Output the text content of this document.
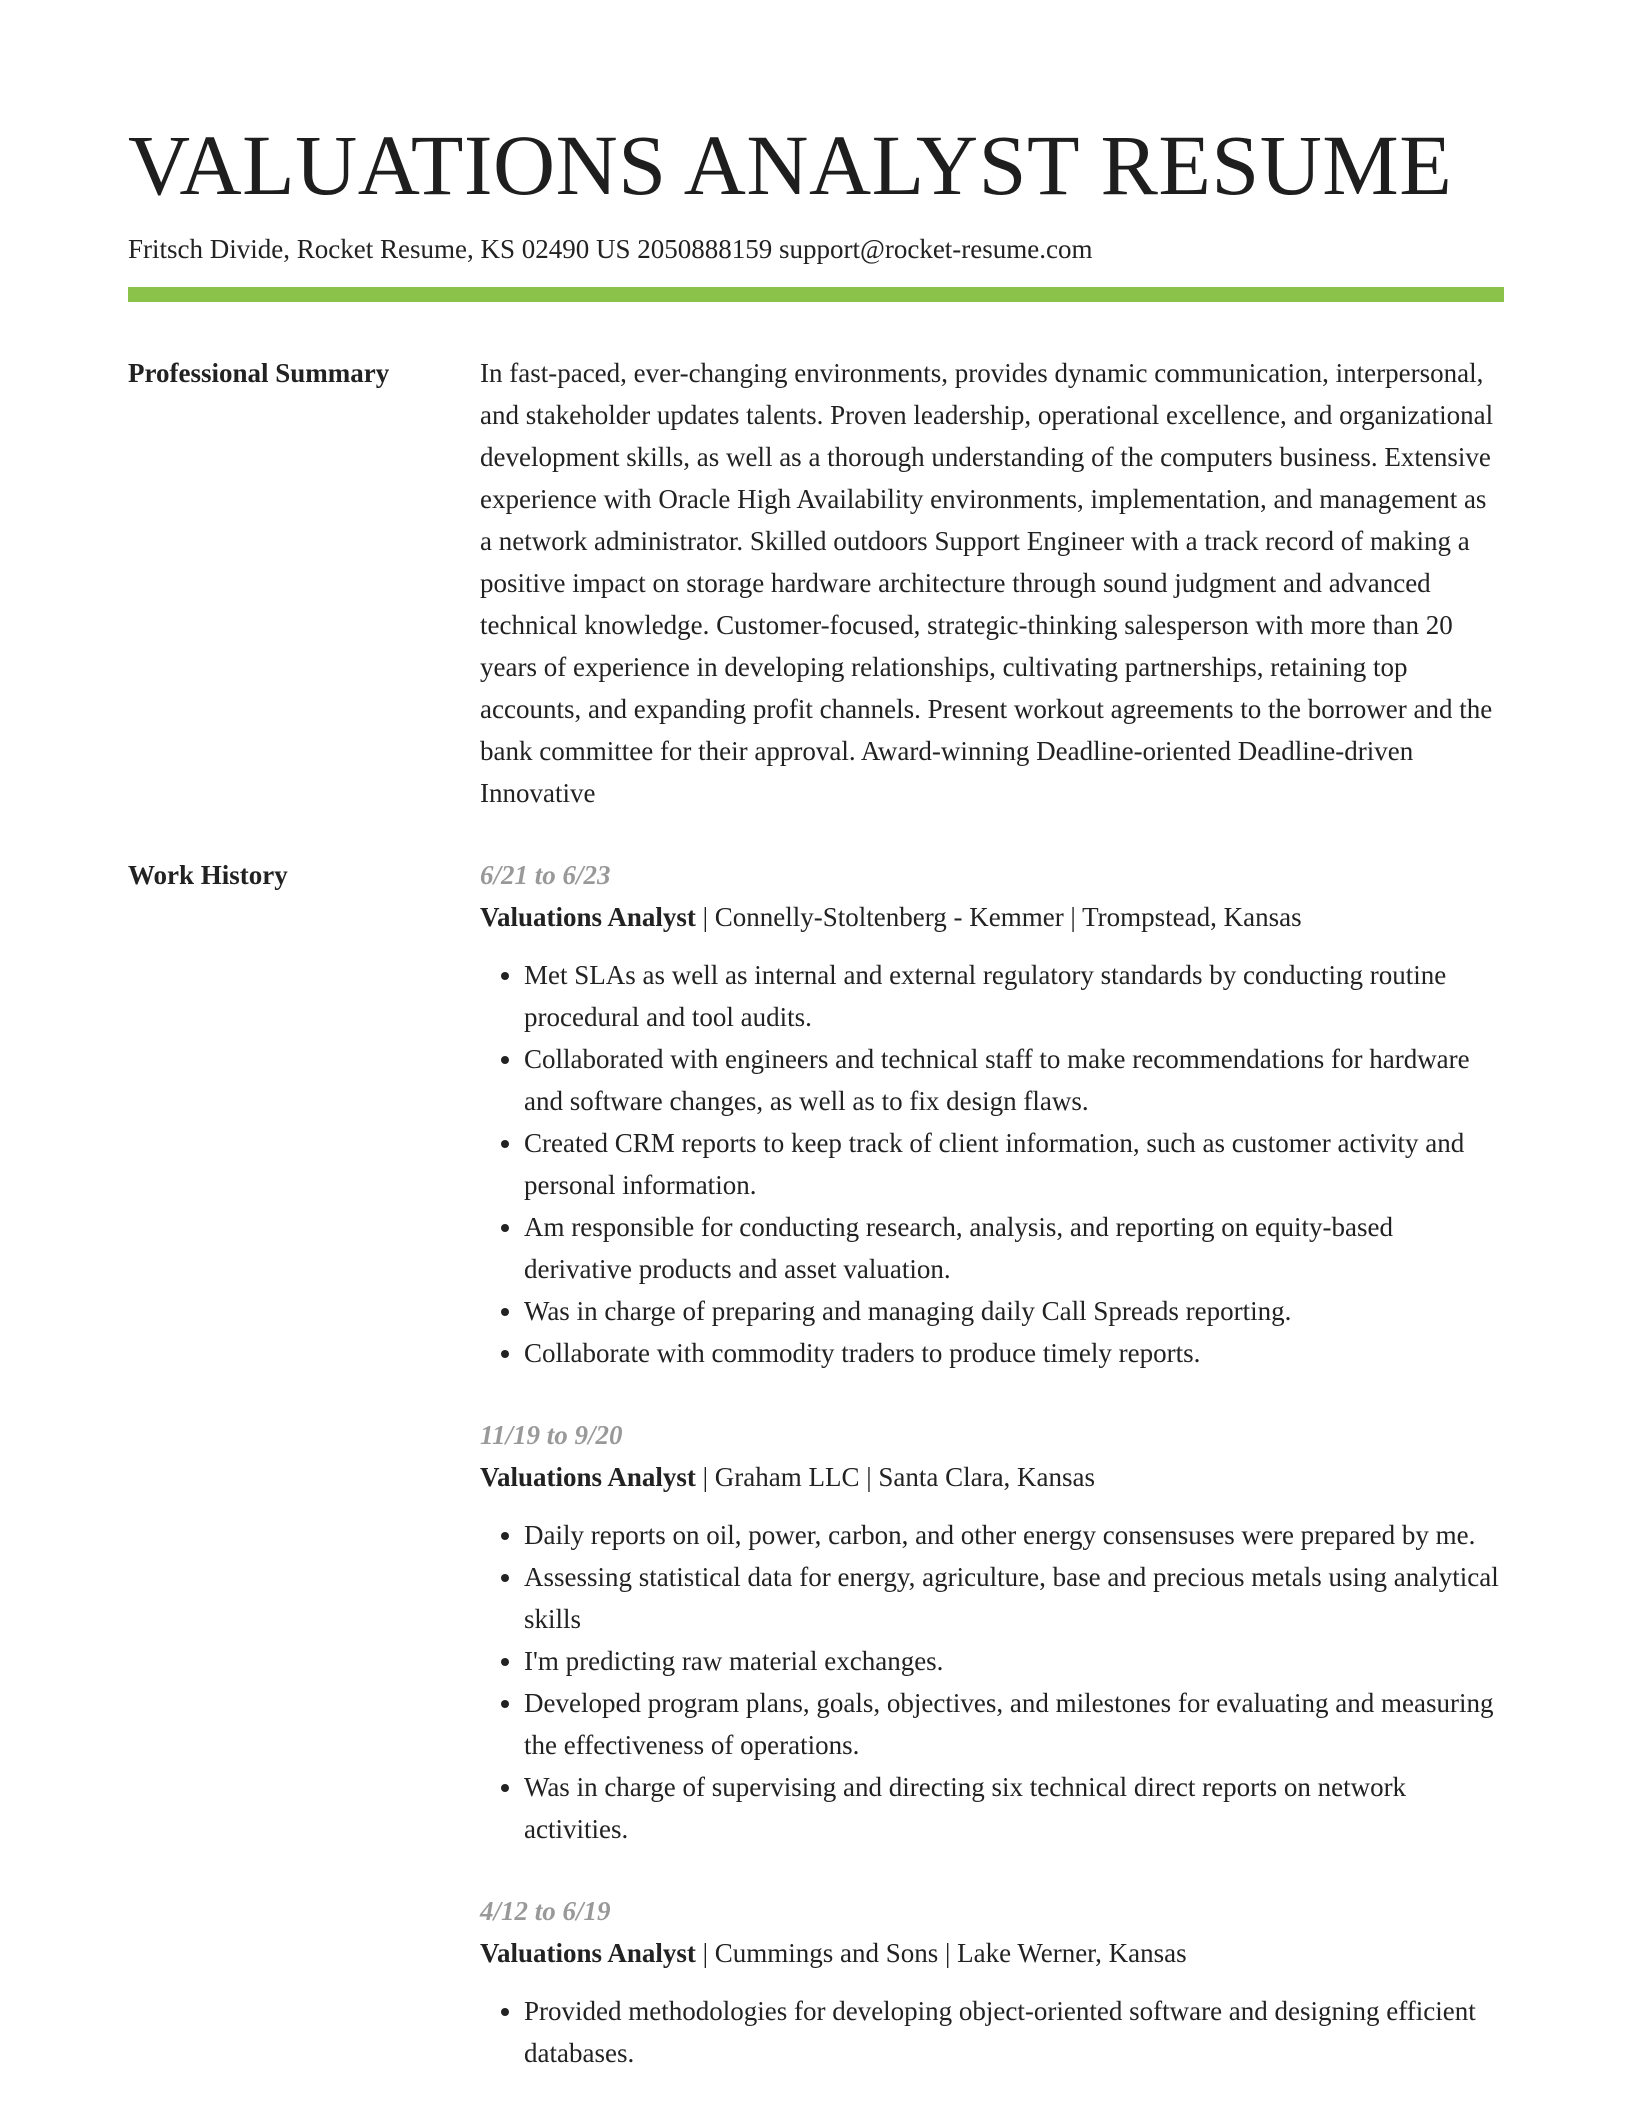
VALUATIONS ANALYST RESUME
Fritsch Divide, Rocket Resume, KS 02490 US 2050888159 support@rocket-resume.com
Professional Summary	In fast-paced, ever-changing environments, provides dynamic communication, interpersonal, and stakeholder updates talents. Proven leadership, operational excellence, and organizational development skills, as well as a thorough understanding of the computers business. Extensive experience with Oracle High Availability environments, implementation, and management as a network administrator. Skilled outdoors Support Engineer with a track record of making a positive impact on storage hardware architecture through sound judgment and advanced technical knowledge. Customer-focused, strategic-thinking salesperson with more than 20 years of experience in developing relationships, cultivating partnerships, retaining top accounts, and expanding profit channels. Present workout agreements to the borrower and the bank committee for their approval. Award-winning Deadline-oriented Deadline-driven Innovative

Work History	6/21 to 6/23

Valuations Analyst | Connelly-Stoltenberg - Kemmer | Trompstead, Kansas

• Met SLAs as well as internal and external regulatory standards by conducting routine procedural and tool audits.
• Collaborated with engineers and technical staff to make recommendations for hardware and software changes, as well as to fix design flaws.
• Created CRM reports to keep track of client information, such as customer activity and personal information.
• Am responsible for conducting research, analysis, and reporting on equity-based derivative products and asset valuation.
• Was in charge of preparing and managing daily Call Spreads reporting.
• Collaborate with commodity traders to produce timely reports.
11/19 to 9/20

Valuations Analyst | Graham LLC | Santa Clara, Kansas

• Daily reports on oil, power, carbon, and other energy consensuses were prepared by me.
• Assessing statistical data for energy, agriculture, base and precious metals using analytical skills
• I'm predicting raw material exchanges.
• Developed program plans, goals, objectives, and milestones for evaluating and measuring the effectiveness of operations.
• Was in charge of supervising and directing six technical direct reports on network activities.
4/12 to 6/19

Valuations Analyst | Cummings and Sons | Lake Werner, Kansas

• Provided methodologies for developing object-oriented software and designing efficient databases.
